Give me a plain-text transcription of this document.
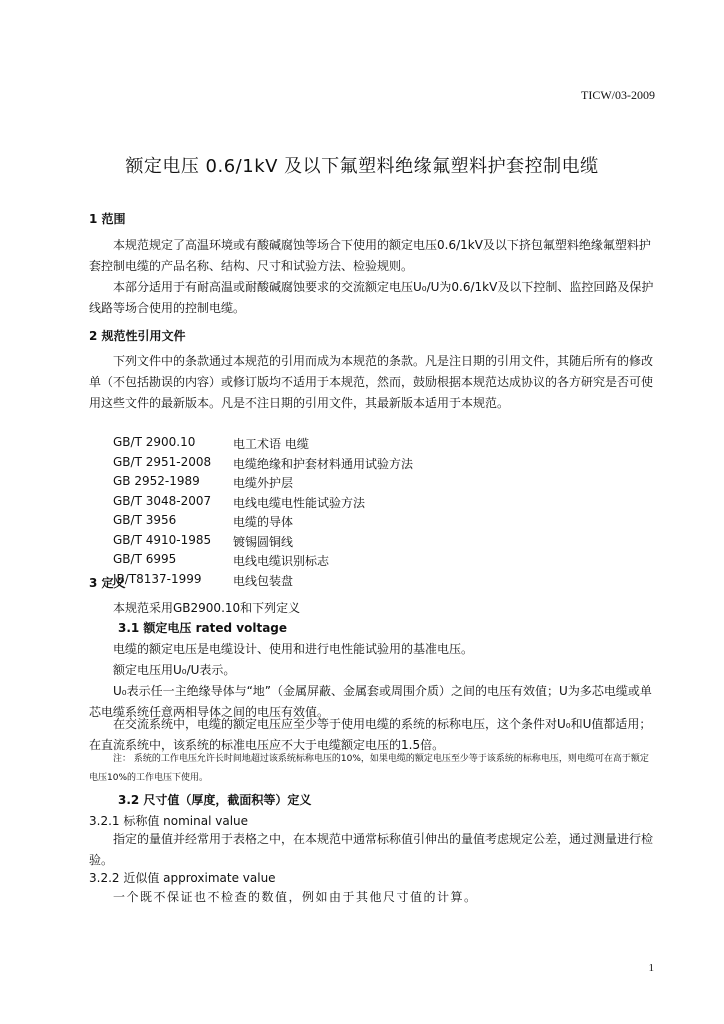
TICW/03-2009
额定电压 0.6/1kV 及以下氟塑料绝缘氟塑料护套控制电缆
1 范围
本规范规定了高温环境或有酸碱腐蚀等场合下使用的额定电压0.6/1kV及以下挤包氟塑料绝缘氟塑料护套控制电缆的产品名称、结构、尺寸和试验方法、检验规则。
本部分适用于有耐高温或耐酸碱腐蚀要求的交流额定电压U₀/U为0.6/1kV及以下控制、监控回路及保护线路等场合使用的控制电缆。
2 规范性引用文件
下列文件中的条款通过本规范的引用而成为本规范的条款。凡是注日期的引用文件，其随后所有的修改单（不包括勘误的内容）或修订版均不适用于本规范，然而，鼓励根据本规范达成协议的各方研究是否可使用这些文件的最新版本。凡是不注日期的引用文件，其最新版本适用于本规范。
GB/T 2900.10	电工术语 电缆
GB/T 2951-2008	电缆绝缘和护套材料通用试验方法
GB 2952-1989	电缆外护层
GB/T 3048-2007	电线电缆电性能试验方法
GB/T 3956	电缆的导体
GB/T 4910-1985	镀锡圆铜线
GB/T 6995	电线电缆识别标志
JB/T8137-1999	电线包装盘
3 定义
本规范采用GB2900.10和下列定义
3.1 额定电压 rated voltage
电缆的额定电压是电缆设计、使用和进行电性能试验用的基准电压。
额定电压用U₀/U表示。
U₀表示任一主绝缘导体与“地”（金属屏蔽、金属套或周围介质）之间的电压有效值；U为多芯电缆或单芯电缆系统任意两相导体之间的电压有效值。
在交流系统中，电缆的额定电压应至少等于使用电缆的系统的标称电压，这个条件对U₀和U值都适用；在直流系统中，该系统的标准电压应不大于电缆额定电压的1.5倍。
注： 系统的工作电压允许长时间地超过该系统标称电压的10%，如果电缆的额定电压至少等于该系统的标称电压，则电缆可在高于额定电压10%的工作电压下使用。
3.2 尺寸值（厚度，截面积等）定义
3.2.1 标称值 nominal value
指定的量值并经常用于表格之中，在本规范中通常标称值引伸出的量值考虑规定公差，通过测量进行检验。
3.2.2 近似值 approximate value
一个既不保证也不检查的数值，例如由于其他尺寸值的计算。
1
